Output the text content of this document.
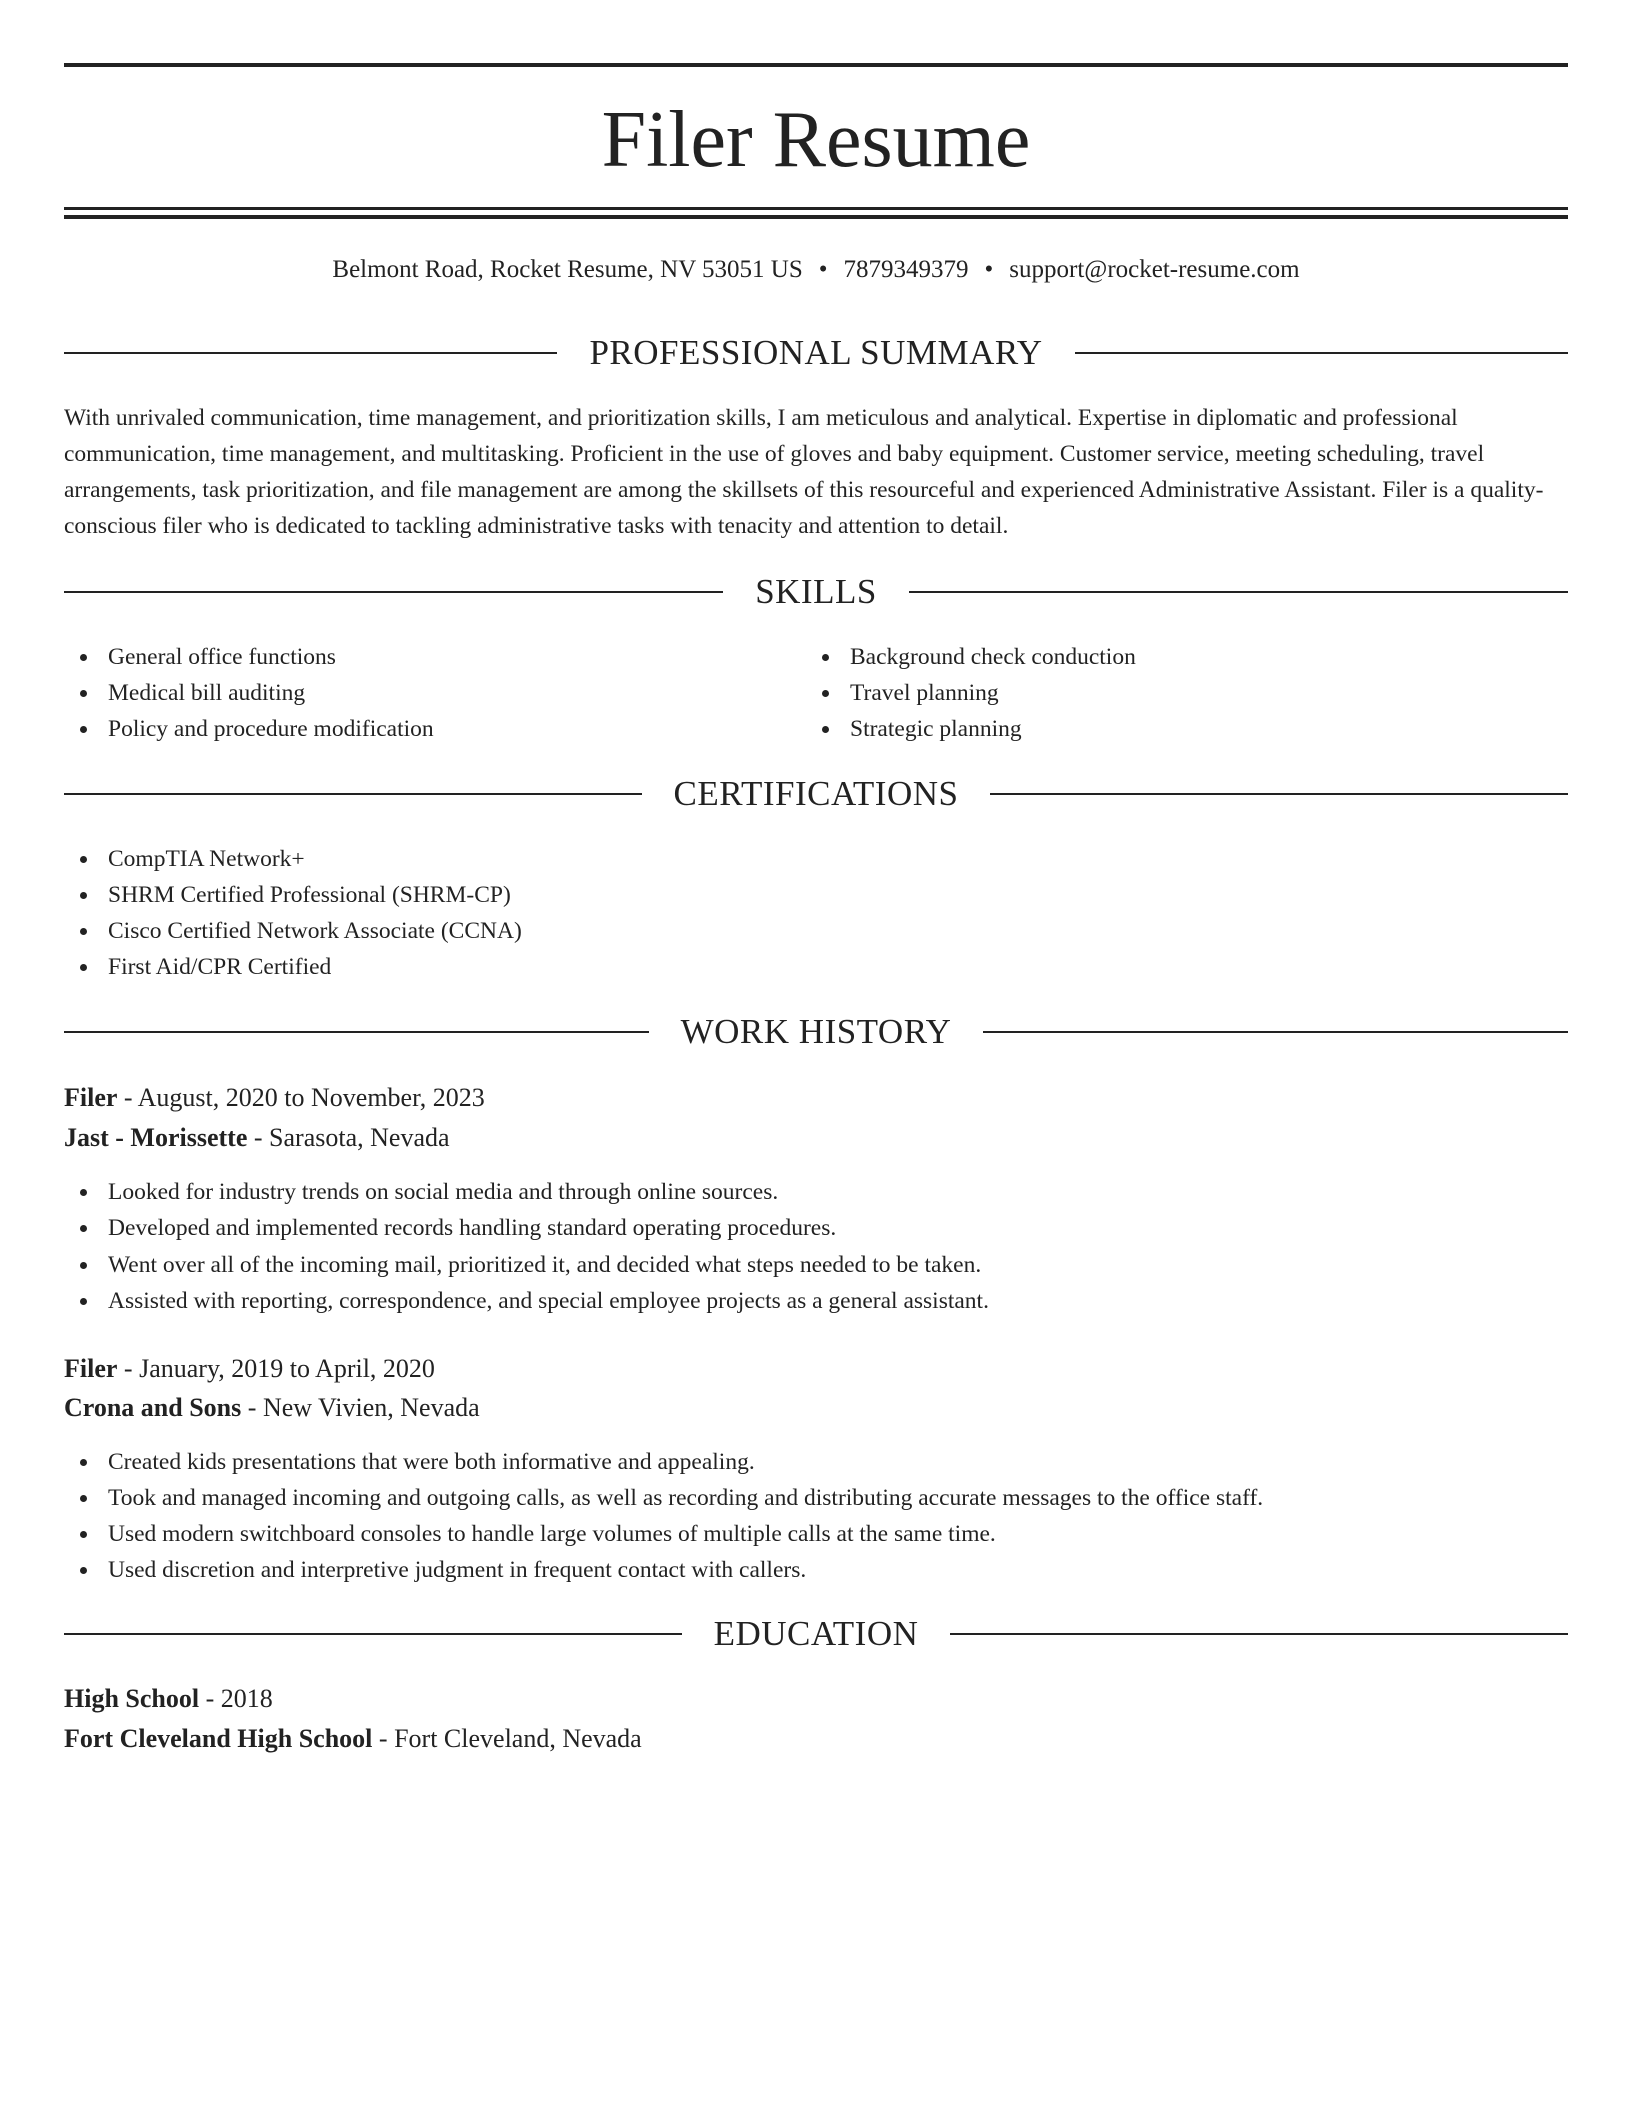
Filer Resume
Belmont Road, Rocket Resume, NV 53051 US • 7879349379 • support@rocket-resume.com
PROFESSIONAL SUMMARY

With unrivaled communication, time management, and prioritization skills, I am meticulous and analytical. Expertise in diplomatic and professional communication, time management, and multitasking. Proficient in the use of gloves and baby equipment. Customer service, meeting scheduling, travel arrangements, task prioritization, and file management are among the skillsets of this resourceful and experienced Administrative Assistant. Filer is a quality-conscious filer who is dedicated to tackling administrative tasks with tenacity and attention to detail.

SKILLS
General office functions
Medical bill auditing
Policy and procedure modification
Background check conduction
Travel planning
Strategic planning
CERTIFICATIONS
CompTIA Network+
SHRM Certified Professional (SHRM-CP)
Cisco Certified Network Associate (CCNA)
First Aid/CPR Certified
WORK HISTORY
Filer - August, 2020 to November, 2023
Jast - Morissette - Sarasota, Nevada
Looked for industry trends on social media and through online sources.
Developed and implemented records handling standard operating procedures.
Went over all of the incoming mail, prioritized it, and decided what steps needed to be taken.
Assisted with reporting, correspondence, and special employee projects as a general assistant.
Filer - January, 2019 to April, 2020
Crona and Sons - New Vivien, Nevada
Created kids presentations that were both informative and appealing.
Took and managed incoming and outgoing calls, as well as recording and distributing accurate messages to the office staff.
Used modern switchboard consoles to handle large volumes of multiple calls at the same time.
Used discretion and interpretive judgment in frequent contact with callers.
EDUCATION
High School - 2018
Fort Cleveland High School - Fort Cleveland, Nevada
